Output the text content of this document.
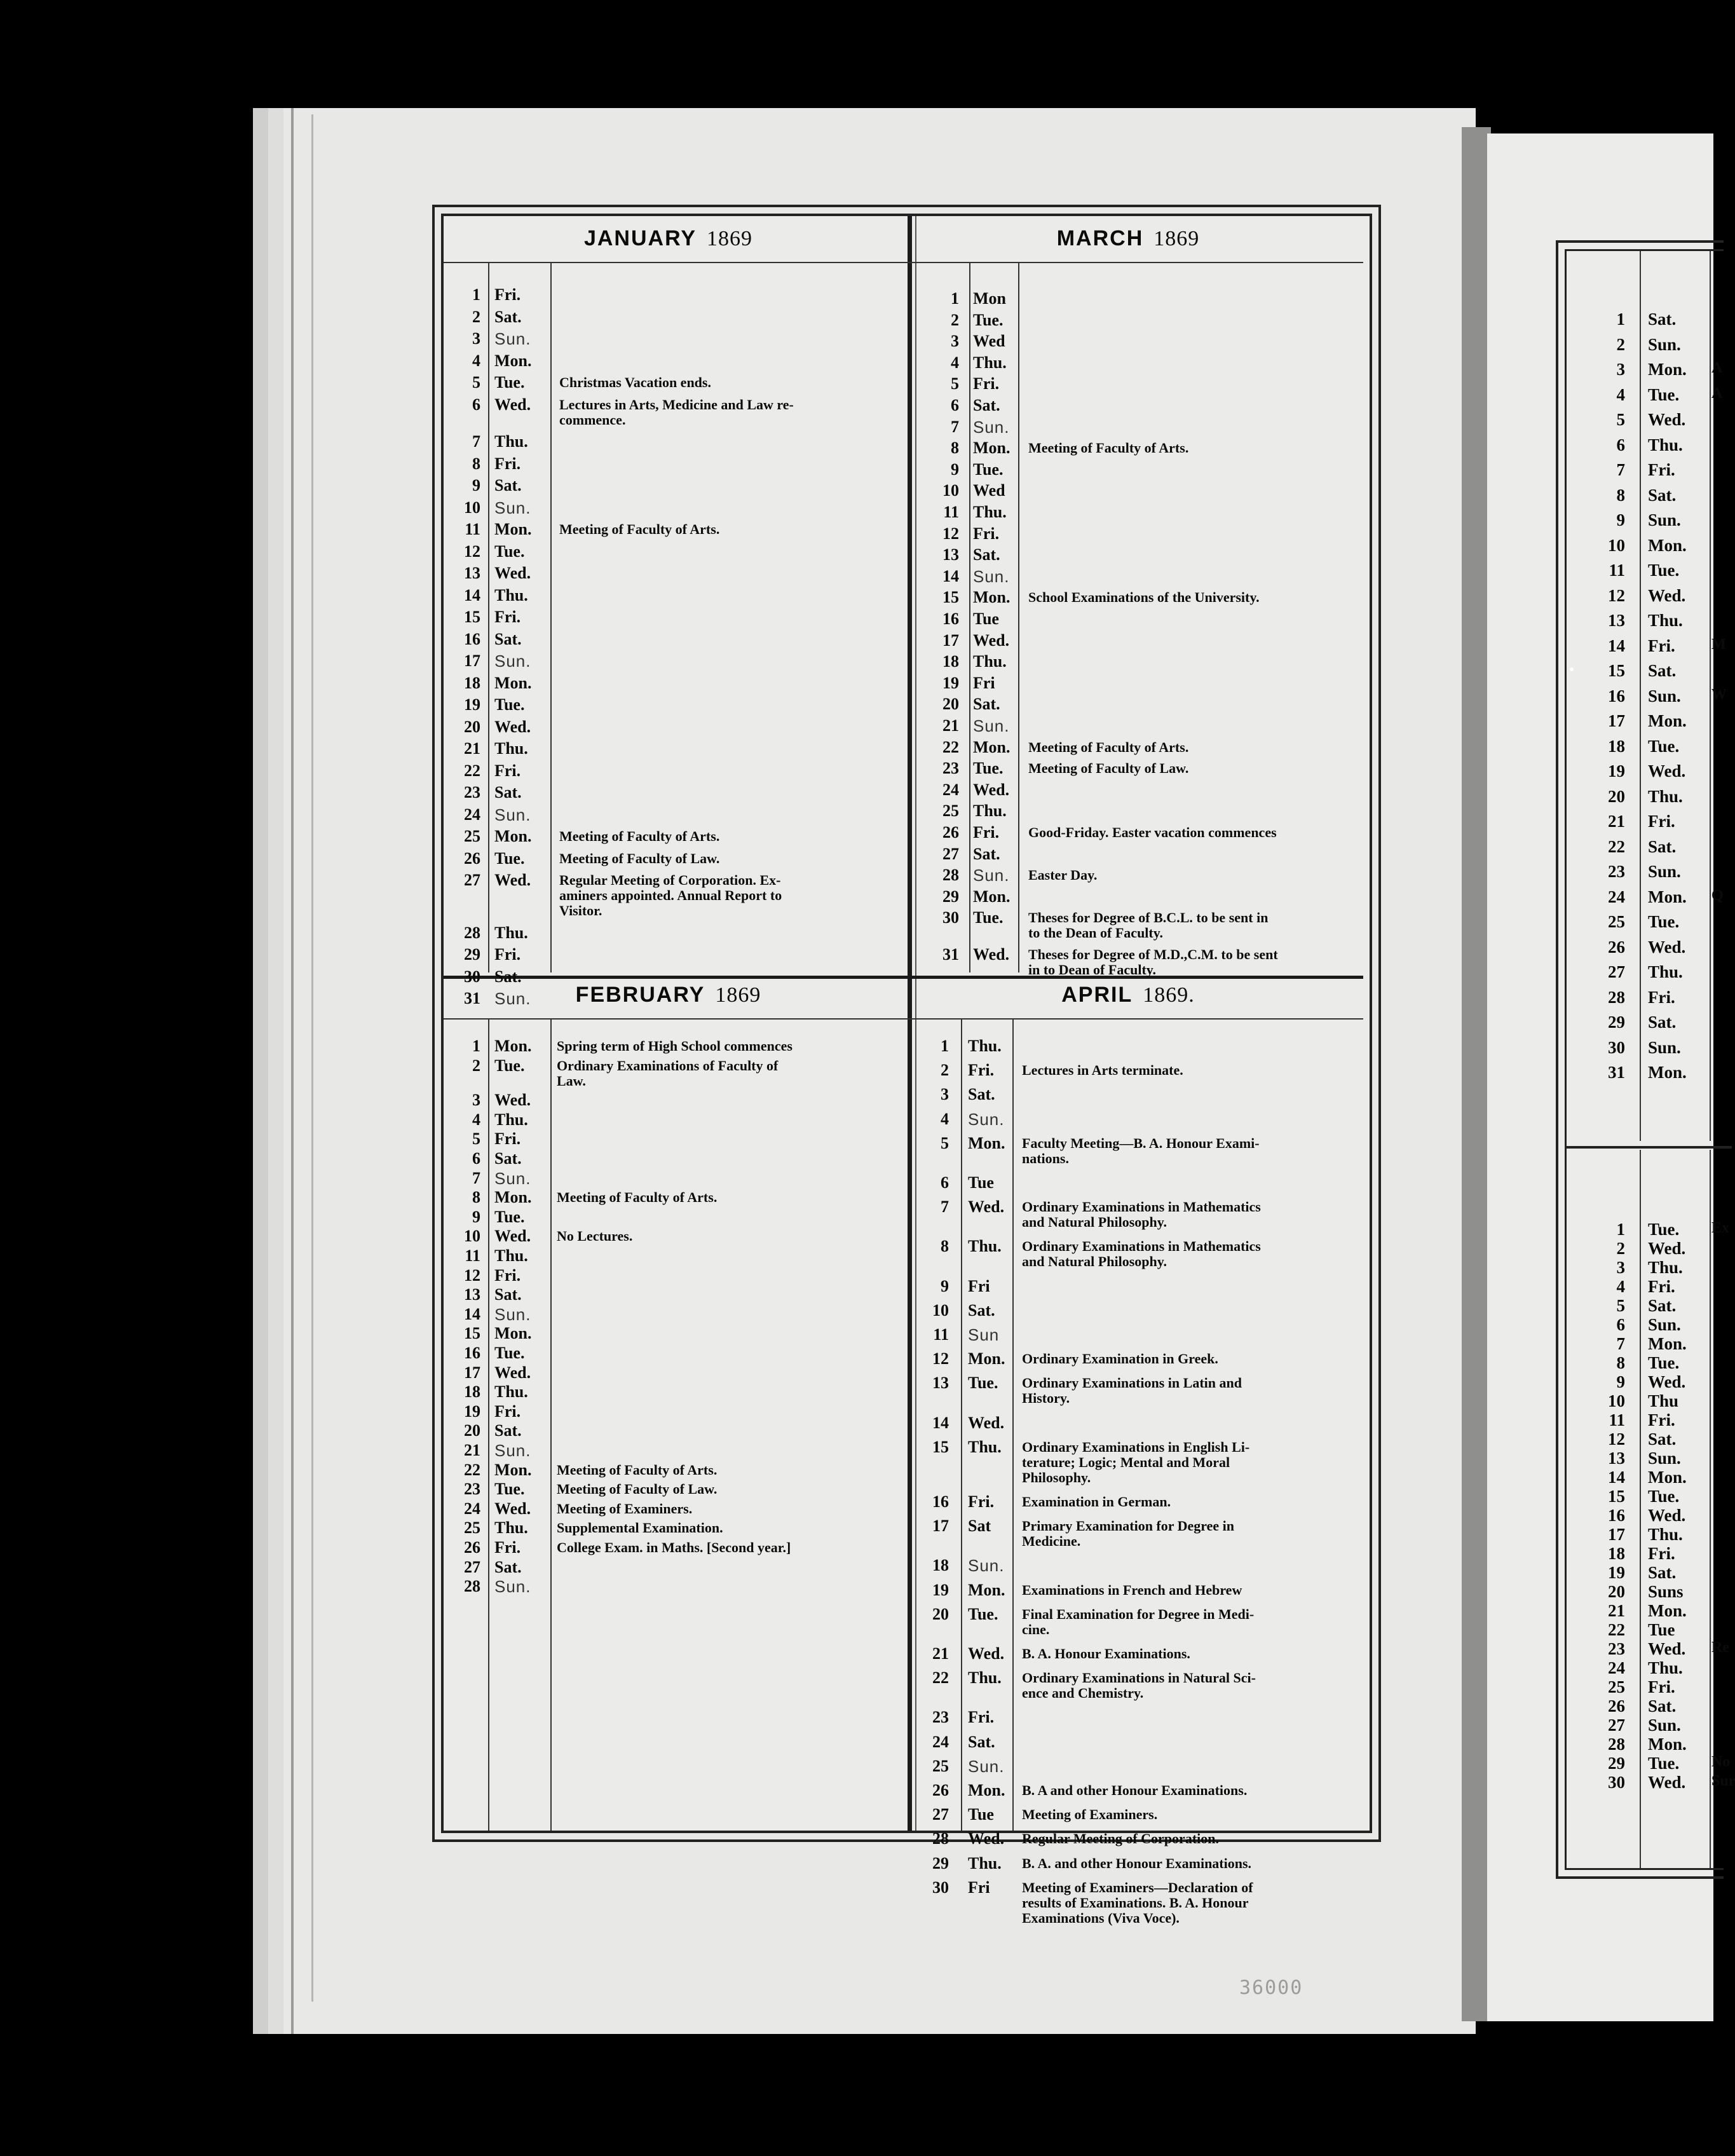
JANUARY 1869
1 Fri.
2 Sat.
3 Sun.
4 Mon.
5 Tue. Christmas Vacation ends.
6 Wed. Lectures in Arts, Medicine and Law re-
commence.
7 Thu.
8 Fri.
9 Sat.
10 Sun.
11 Mon. Meeting of Faculty of Arts.
12 Tue.
13 Wed.
14 Thu.
15 Fri.
16 Sat.
17 Sun.
18 Mon.
19 Tue.
20 Wed.
21 Thu.
22 Fri.
23 Sat.
24 Sun.
25 Mon. Meeting of Faculty of Arts.
26 Tue. Meeting of Faculty of Law.
27 Wed. Regular Meeting of Corporation. Ex-
aminers appointed. Annual Report to
Visitor.
28 Thu.
29 Fri.
30 Sat.
31 Sun.
MARCH 1869
1 Mon
2 Tue.
3 Wed
4 Thu.
5 Fri.
6 Sat.
7 Sun.
8 Mon. Meeting of Faculty of Arts.
9 Tue.
10 Wed
11 Thu.
12 Fri.
13 Sat.
14 Sun.
15 Mon. School Examinations of the University.
16 Tue
17 Wed.
18 Thu.
19 Fri
20 Sat.
21 Sun.
22 Mon. Meeting of Faculty of Arts.
23 Tue. Meeting of Faculty of Law.
24 Wed.
25 Thu.
26 Fri. Good-Friday. Easter vacation commences
27 Sat.
28 Sun. Easter Day.
29 Mon.
30 Tue. Theses for Degree of B.C.L. to be sent in
to the Dean of Faculty.
31 Wed. Theses for Degree of M.D.,C.M. to be sent
in to Dean of Faculty.
FEBRUARY 1869
1 Mon. Spring term of High School commences
2 Tue. Ordinary Examinations of Faculty of
Law.
3 Wed.
4 Thu.
5 Fri.
6 Sat.
7 Sun.
8 Mon. Meeting of Faculty of Arts.
9 Tue.
10 Wed. No Lectures.
11 Thu.
12 Fri.
13 Sat.
14 Sun.
15 Mon.
16 Tue.
17 Wed.
18 Thu.
19 Fri.
20 Sat.
21 Sun.
22 Mon. Meeting of Faculty of Arts.
23 Tue. Meeting of Faculty of Law.
24 Wed. Meeting of Examiners.
25 Thu. Supplemental Examination.
26 Fri.	College Exam. in Maths. [Second year.]
27 Sat.
28 Sun.
APRIL 1869.
1 Thu.
2 Fri. Lectures in Arts terminate.
3 Sat.
4 Sun.
5 Mon. Faculty Meeting—B. A. Honour Exami-
nations.
6 Tue
7 Wed. Ordinary Examinations in Mathematics
and Natural Philosophy.
8 Thu. Ordinary Examinations in Mathematics
and Natural Philosophy.
9 Fri
10 Sat.
11 Sun
12 Mon. Ordinary Examination in Greek.
13 Tue. Ordinary Examinations in Latin and
History.
14 Wed.
15 Thu. Ordinary Examinations in English Li-
terature; Logic; Mental and Moral
Philosophy.
16 Fri. Examination in German.
17 Sat Primary Examination for Degree in
Medicine.
18 Sun.
19 Mon. Examinations in French and Hebrew
20 Tue. Final Examination for Degree in Medi-
cine.
21 Wed. B. A. Honour Examinations.
22 Thu. Ordinary Examinations in Natural Sci-
ence and Chemistry.
23 Fri.
24 Sat.
25 Sun.
26 Mon. B. A and other Honour Examinations.
27 Tue Meeting of Examiners.
28 Wed. Regular Meeting of Corporation.
29 Thu. B. A. and other Honour Examinations.
30 Fri Meeting of Examiners—Declaration of
results of Examinations. B. A. Honour
Examinations (Viva Voce).
1 Sat.
2 Sun.
3 Mon. A
4 Tue. A
5 Wed.
6 Thu.
7 Fri.
8 Sat.
9 Sun.
10 Mon.
11 Tue.
12 Wed.
13 Thu.
14 Fri. M
15 Sat.
16 Sun. W
17 Mon.
18 Tue.
19 Wed.
20 Thu.
21 Fri.
22 Sat.
23 Sun.
24 Mon. Q
25 Tue.
26 Wed.
27 Thu.
28 Fri.
29 Sat.
30 Sun.
31 Mon.
1 Tue. Ex
2 Wed.
3 Thu.
4 Fri.
5 Sat.
6 Sun.
7 Mon.
8 Tue.
9 Wed.
10 Thu
11 Fri.
12 Sat.
13 Sun.
14 Mon.
15 Tue.
16 Wed.
17 Thu.
18 Fri.
19 Sat.
20 Suns
21 Mon.
22 Tue
23 Wed. Re
24 Thu.
25 Fri.
26 Sat.
27 Sun.
28 Mon.
29 Tue. No
30 Wed. Sur
36000
